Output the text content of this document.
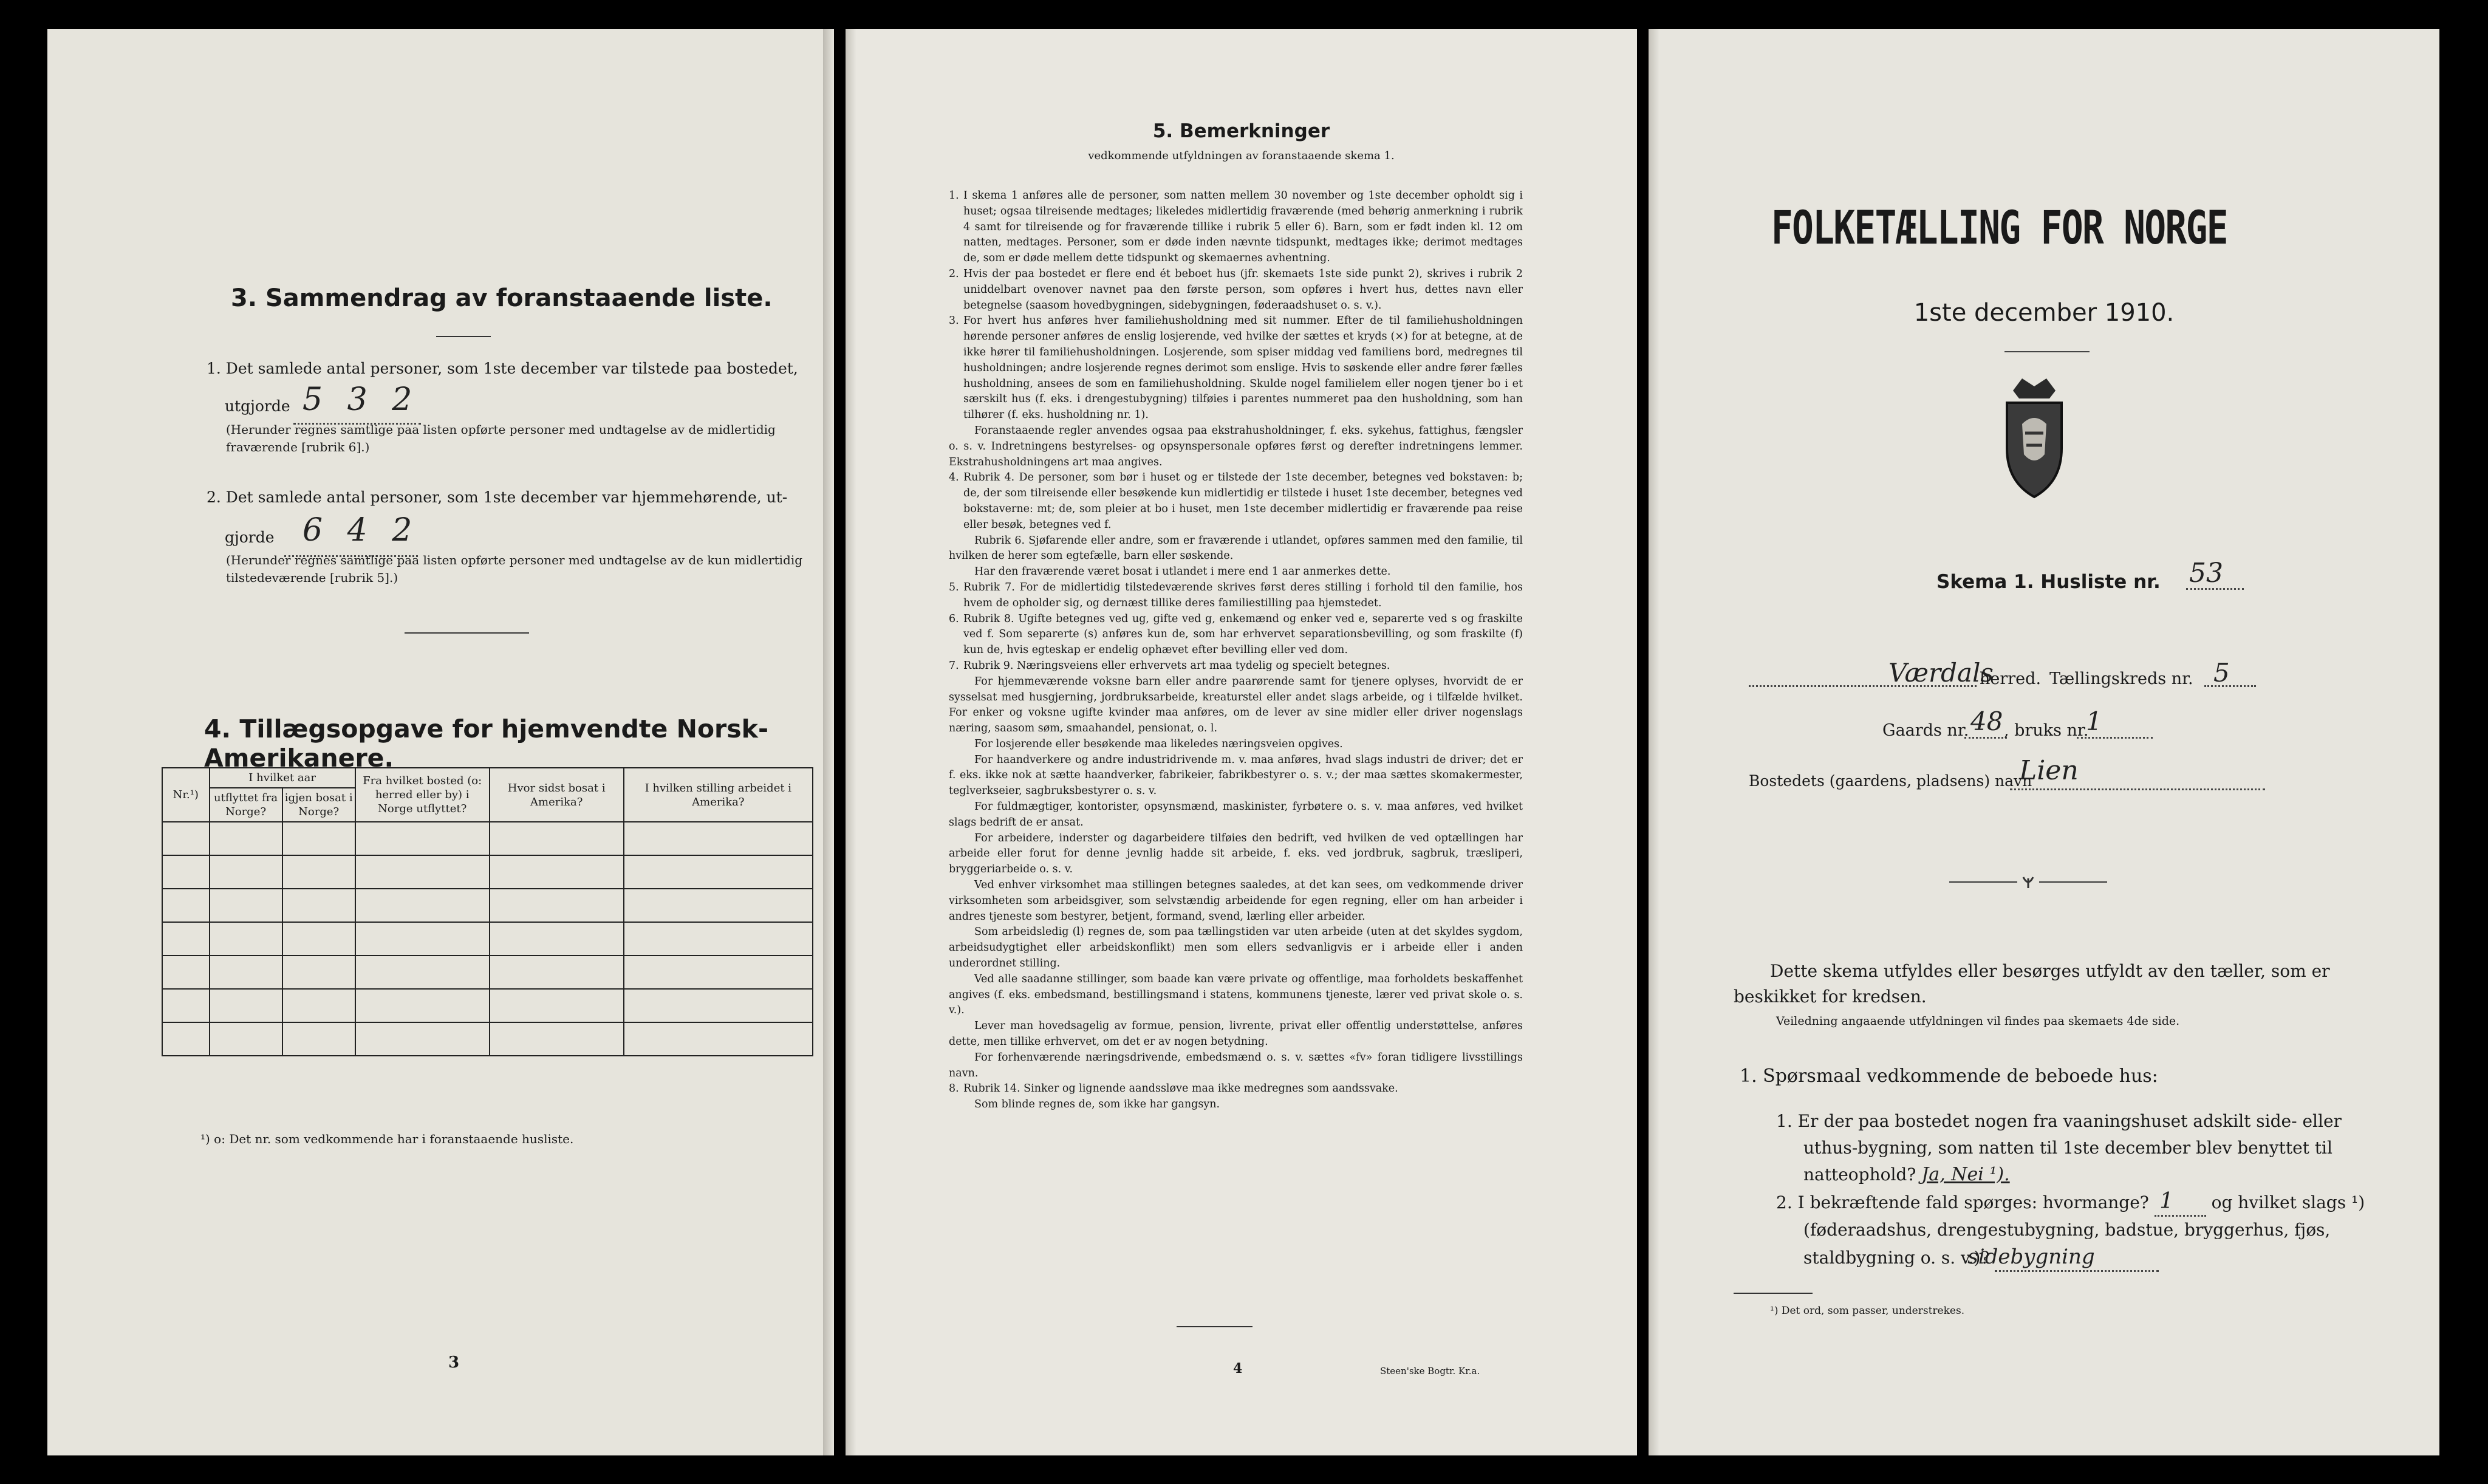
3. Sammendrag av foranstaaende liste.
1. Det samlede antal personer, som 1ste december var tilstede paa bostedet,
utgjorde 5 3 2
(Herunder regnes samtlige paa listen opførte personer med undtagelse av de midlertidig fraværende [rubrik 6].)
2. Det samlede antal personer, som 1ste december var hjemmehørende, ut-
gjorde 6 4 2
(Herunder regnes samtlige paa listen opførte personer med undtagelse av de kun midlertidig tilstedeværende [rubrik 5].)
4. Tillægsopgave for hjemvendte Norsk-Amerikanere.
Nr.¹)	I hvilket aar		Fra hvilket bosted (o: herred eller by) i Norge utflyttet?	Hvor sidst bosat i Amerika?	I hvilken stilling arbeidet i Amerika?
	utflyttet fra Norge?	igjen bosat i Norge?			

¹) o: Det nr. som vedkommende har i foranstaaende husliste.
3
5. Bemerkninger
vedkommende utfyldningen av foranstaaende skema 1.

1. I skema 1 anføres alle de personer, som natten mellem 30 november og 1ste december opholdt sig i huset; ogsaa tilreisende medtages; likeledes midlertidig fraværende (med behørig anmerkning i rubrik 4 samt for tilreisende og for fraværende tillike i rubrik 5 eller 6). Barn, som er født inden kl. 12 om natten, medtages. Personer, som er døde inden nævnte tidspunkt, medtages ikke; derimot medtages de, som er døde mellem dette tidspunkt og skemaernes avhentning.

2. Hvis der paa bostedet er flere end ét beboet hus (jfr. skemaets 1ste side punkt 2), skrives i rubrik 2 uniddelbart ovenover navnet paa den første person, som opføres i hvert hus, dettes navn eller betegnelse (saasom hovedbygningen, sidebygningen, føderaadshuset o. s. v.).

3. For hvert hus anføres hver familiehusholdning med sit nummer. Efter de til familiehusholdningen hørende personer anføres de enslig losjerende, ved hvilke der sættes et kryds (×) for at betegne, at de ikke hører til familiehusholdningen. Losjerende, som spiser middag ved familiens bord, medregnes til husholdningen; andre losjerende regnes derimot som enslige. Hvis to søskende eller andre fører fælles husholdning, ansees de som en familiehusholdning. Skulde nogel familielem eller nogen tjener bo i et særskilt hus (f. eks. i drengestubygning) tilføies i parentes nummeret paa den husholdning, som han tilhører (f. eks. husholdning nr. 1).

Foranstaaende regler anvendes ogsaa paa ekstrahusholdninger, f. eks. sykehus, fattighus, fængsler o. s. v. Indretningens bestyrelses- og opsynspersonale opføres først og derefter indretningens lemmer. Ekstrahusholdningens art maa angives.

4. Rubrik 4. De personer, som bør i huset og er tilstede der 1ste december, betegnes ved bokstaven: b; de, der som tilreisende eller besøkende kun midlertidig er tilstede i huset 1ste december, betegnes ved bokstaverne: mt; de, som pleier at bo i huset, men 1ste december midlertidig er fraværende paa reise eller besøk, betegnes ved f.

Rubrik 6. Sjøfarende eller andre, som er fraværende i utlandet, opføres sammen med den familie, til hvilken de herer som egtefælle, barn eller søskende.

Har den fraværende været bosat i utlandet i mere end 1 aar anmerkes dette.

5. Rubrik 7. For de midlertidig tilstedeværende skrives først deres stilling i forhold til den familie, hos hvem de opholder sig, og dernæst tillike deres familiestilling paa hjemstedet.

6. Rubrik 8. Ugifte betegnes ved ug, gifte ved g, enkemænd og enker ved e, separerte ved s og fraskilte ved f. Som separerte (s) anføres kun de, som har erhvervet separationsbevilling, og som fraskilte (f) kun de, hvis egteskap er endelig ophævet efter bevilling eller ved dom.

7. Rubrik 9. Næringsveiens eller erhvervets art maa tydelig og specielt betegnes.

For hjemmeværende voksne barn eller andre paarørende samt for tjenere oplyses, hvorvidt de er sysselsat med husgjerning, jordbruksarbeide, kreaturstel eller andet slags arbeide, og i tilfælde hvilket. For enker og voksne ugifte kvinder maa anføres, om de lever av sine midler eller driver nogenslags næring, saasom søm, smaahandel, pensionat, o. l.

For losjerende eller besøkende maa likeledes næringsveien opgives.

For haandverkere og andre industridrivende m. v. maa anføres, hvad slags industri de driver; det er f. eks. ikke nok at sætte haandverker, fabrikeier, fabrikbestyrer o. s. v.; der maa sættes skomakermester, teglverkseier, sagbruksbestyrer o. s. v.

For fuldmægtiger, kontorister, opsynsmænd, maskinister, fyrbøtere o. s. v. maa anføres, ved hvilket slags bedrift de er ansat.

For arbeidere, inderster og dagarbeidere tilføies den bedrift, ved hvilken de ved optællingen har arbeide eller forut for denne jevnlig hadde sit arbeide, f. eks. ved jordbruk, sagbruk, træsliperi, bryggeriarbeide o. s. v.

Ved enhver virksomhet maa stillingen betegnes saaledes, at det kan sees, om vedkommende driver virksomheten som arbeidsgiver, som selvstændig arbeidende for egen regning, eller om han arbeider i andres tjeneste som bestyrer, betjent, formand, svend, lærling eller arbeider.

Som arbeidsledig (l) regnes de, som paa tællingstiden var uten arbeide (uten at det skyldes sygdom, arbeidsudygtighet eller arbeidskonflikt) men som ellers sedvanligvis er i arbeide eller i anden underordnet stilling.

Ved alle saadanne stillinger, som baade kan være private og offentlige, maa forholdets beskaffenhet angives (f. eks. embedsmand, bestillingsmand i statens, kommunens tjeneste, lærer ved privat skole o. s. v.).

Lever man hovedsagelig av formue, pension, livrente, privat eller offentlig understøttelse, anføres dette, men tillike erhvervet, om det er av nogen betydning.

For forhenværende næringsdrivende, embedsmænd o. s. v. sættes «fv» foran tidligere livsstillings navn.

8. Rubrik 14. Sinker og lignende aandssløve maa ikke medregnes som aandssvake.

Som blinde regnes de, som ikke har gangsyn.

4	Steen'ske Bogtr. Kr.a.
FOLKETÆLLING FOR NORGE
1ste december 1910.
Skema 1. Husliste nr. 53
Værdals
herred. Tællingskreds nr. 5
Gaards nr. 48 , bruks nr.
1
Bostedets (gaardens, pladsens) navn
Lien
Dette skema utfyldes eller besørges utfyldt av den tæller, som er beskikket for kredsen.
Veiledning angaaende utfyldningen vil findes paa skemaets 4de side.
1. Spørsmaal vedkommende de beboede hus:
1. Er der paa bostedet nogen fra vaaningshuset adskilt side- eller uthus-bygning, som natten til 1ste december blev benyttet til natteophold? Ja, Nei ¹).
2. I bekræftende fald spørges: hvormange? 1 og hvilket slags ¹) (føderaadshus, drengestubygning, badstue, bryggerhus, fjøs, staldbygning o. s. v.)? sidebygning
¹) Det ord, som passer, understrekes.
